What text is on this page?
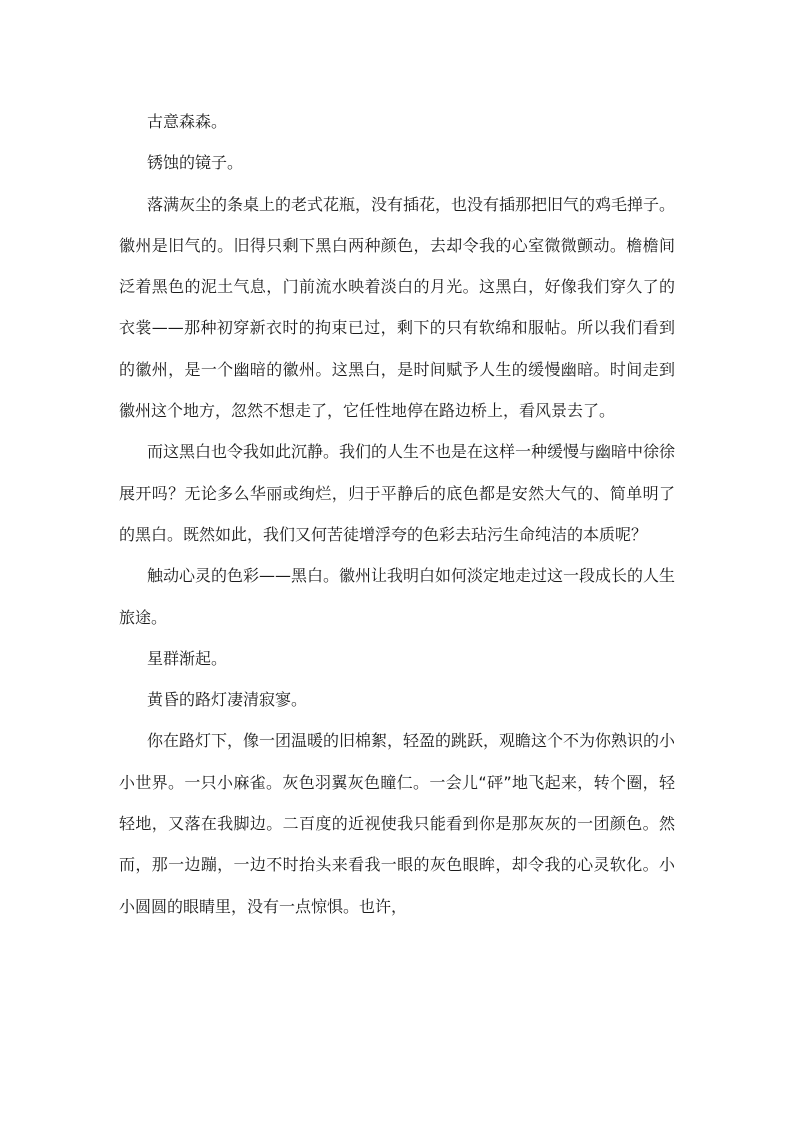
古意森森。

锈蚀的镜子。

落满灰尘的条桌上的老式花瓶，没有插花，也没有插那把旧气的鸡毛掸子。徽州是旧气的。旧得只剩下黑白两种颜色，去却令我的心室微微颤动。檐檐间泛着黑色的泥土气息，门前流水映着淡白的月光。这黑白，好像我们穿久了的衣裳——那种初穿新衣时的拘束已过，剩下的只有软绵和服帖。所以我们看到的徽州，是一个幽暗的徽州。这黑白，是时间赋予人生的缓慢幽暗。时间走到徽州这个地方，忽然不想走了，它任性地停在路边桥上，看风景去了。

而这黑白也令我如此沉静。我们的人生不也是在这样一种缓慢与幽暗中徐徐展开吗？无论多么华丽或绚烂，归于平静后的底色都是安然大气的、简单明了的黑白。既然如此，我们又何苦徒增浮夸的色彩去玷污生命纯洁的本质呢？

触动心灵的色彩——黑白。徽州让我明白如何淡定地走过这一段成长的人生旅途。

星群渐起。

黄昏的路灯凄清寂寥。

你在路灯下，像一团温暖的旧棉絮，轻盈的跳跃，观瞻这个不为你熟识的小小世界。一只小麻雀。灰色羽翼灰色瞳仁。一会儿“砰”地飞起来，转个圈，轻轻地，又落在我脚边。二百度的近视使我只能看到你是那灰灰的一团颜色。然而，那一边蹦，一边不时抬头来看我一眼的灰色眼眸，却令我的心灵软化。小小圆圆的眼睛里，没有一点惊惧。也许，
